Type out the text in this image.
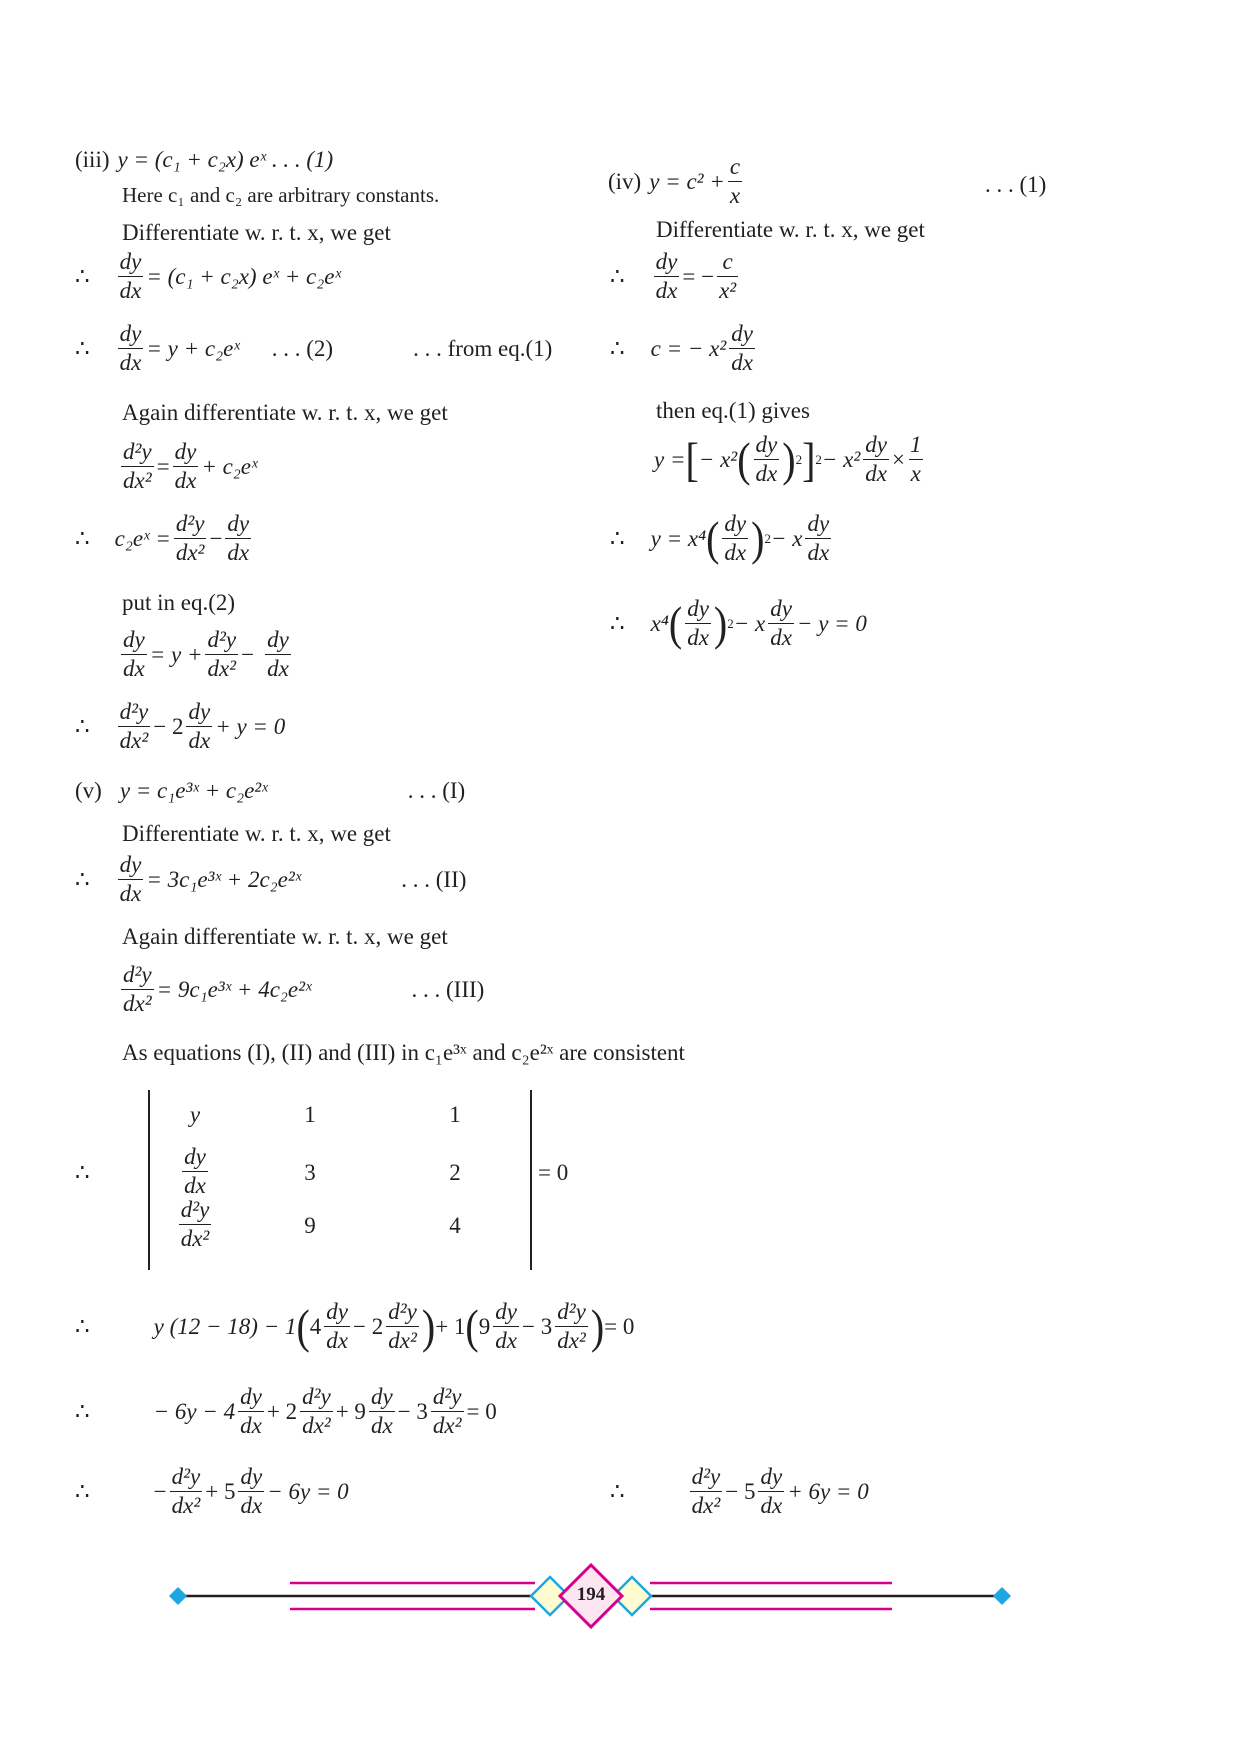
(iii) y = (c₁ + c₂x) eˣ . . . (1)
Here c₁ and c₂ are arbitrary constants.
Differentiate w. r. t. x, we get
∴ $\frac{dy}{dx} = (c_1 + c_2x)$ eˣ + c₂eˣ
∴ $\frac{dy}{dx} = y$ + c₂eˣ . . . (2)	. . . from eq.(1)
Again differentiate w. r. t. x, we get
$\frac{\text{d²y}}{\text{dx²}} = \frac{dy}{dx}$ + c₂eˣ
∴ c₂eˣ = $\frac{\text{d²y}}{\text{dx²}} - \frac{dy}{dx}$
put in eq.(2)
$\frac{dy}{dx} = y + \frac{\text{d²y}}{\text{dx²}} - \frac{dy}{dx}$
∴ $\frac{\text{d²y}}{\text{dx²}} - 2 \frac{dy}{dx} + y = 0$
(v) y = c₁e³ˣ + c₂e²ˣ	. . . (I)
Differentiate w. r. t. x, we get
∴ $\frac{dy}{dx}$ = 3c₁e³ˣ + 2c₂e²ˣ	. . . (II)
Again differentiate w. r. t. x, we get
$\frac{\text{d²y}}{\text{dx²}}$ = 9c₁e³ˣ + 4c₂e²ˣ	. . . (III)
As equations (I), (II) and (III) in c₁e³ˣ and c₂e²ˣ are consistent
∴
y	1	1
$\frac{dy}{dx}$	3	2
$\frac{\text{d²y}}{\text{dx²}}$	9	4
= 0
∴	y (12 − 18) − 1 ( $4 \frac{dy}{dx} - 2 \frac{\text{d²y}}{\text{dx²}}$ ) + 1 ( $9 \frac{dy}{dx} - 3 \frac{\text{d²y}}{\text{dx²}}$ ) = 0
∴	− $6y - 4 \frac{dy}{dx} + 2 \frac{\text{d²y}}{\text{dx²}} + 9 \frac{dy}{dx} - 3 \frac{\text{d²y}}{\text{dx²}} = 0$
∴	− $\frac{\text{d²y}}{\text{dx²}} + 5 \frac{dy}{dx} - 6y = 0$
(iv) $y = c^2 + \frac{c}{x}$	. . . (1)
Differentiate w. r. t. x, we get
∴ $\frac{dy}{dx}$ = − $\frac{c}{\text{x²}}$
∴ c = − $x^2 \frac{dy}{dx}$
then eq.(1) gives
y = [ − x² ( $\frac{dy}{dx}$ ) 2 ] $2 - x^2 \frac{dy}{dx} \times \frac{1}{x}$
∴ y = x⁴ ( $\frac{dy}{dx}$ ) 2 − x $\frac{dy}{dx}$
∴ x⁴ ( $\frac{dy}{dx}$ ) 2 − x $\frac{dy}{dx} - y = 0$
∴	$\frac{\text{d²y}}{\text{dx²}} - 5 \frac{dy}{dx} + 6y = 0$
194
